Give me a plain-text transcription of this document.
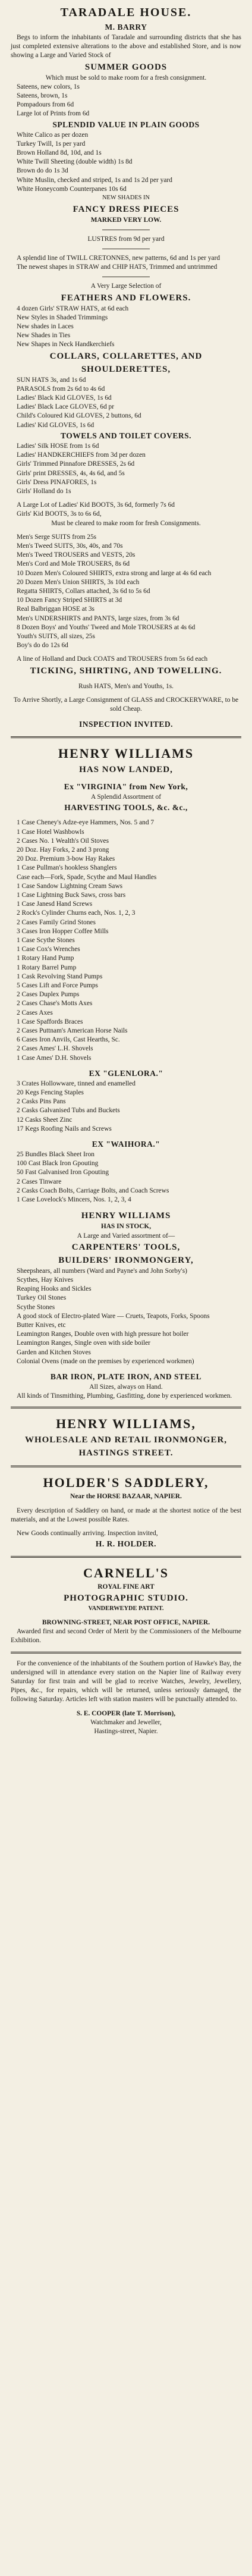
TARADALE HOUSE.
M. BARRY
Begs to inform the inhabitants of Taradale and surrounding districts that she has just completed extensive alterations to the above and established Store, and is now showing a Large and Varied Stock of
SUMMER GOODS
Which must be sold to make room for a fresh consignment.
Sateens, new colors, 1s
Sateens, brown, 1s
Pompadours from 6d
Large lot of Prints from 6d
SPLENDID VALUE IN PLAIN GOODS
White Calico as per dozen
Turkey Twill, 1s per yard
Brown Holland 8d, 10d, and 1s
White Twill Sheeting (double width) 1s 8d
Brown do do 1s 3d
White Muslin, checked and striped, 1s and 1s 2d per yard
White Honeycomb Counterpanes 10s 6d
NEW SHADES IN
FANCY DRESS PIECES
MARKED VERY LOW.
LUSTRES from 9d per yard
A splendid line of TWILL CRETONNES, new patterns, 6d and 1s per yard
The newest shapes in STRAW and CHIP HATS, Trimmed and untrimmed
A Very Large Selection of
FEATHERS AND FLOWERS.
4 dozen Girls' STRAW HATS, at 6d each
New Styles in Shaded Trimmings
New shades in Laces
New Shades in Ties
New Shapes in Neck Handkerchiefs
COLLARS, COLLARETTES, AND SHOULDERETTES,
SUN HATS 3s, and 1s 6d
PARASOLS from 2s 6d to 4s 6d
Ladies' Black Kid GLOVES, 1s 6d
Ladies' Black Lace GLOVES, 6d pr
Child's Coloured Kid GLOVES, 2 buttons, 6d
Ladies' Kid GLOVES, 1s 6d
TOWELS AND TOILET COVERS.
Ladies' Silk HOSE from 1s 6d
Ladies' HANDKERCHIEFS from 3d per dozen
Girls' Trimmed Pinnafore DRESSES, 2s 6d
Girls' print DRESSES, 4s, 4s 6d, and 5s
Girls' Dress PINAFORES, 1s
Girls' Holland do 1s
A Large Lot of Ladies' Kid BOOTS, 3s 6d, formerly 7s 6d
Girls' Kid BOOTS, 3s to 6s 6d,
Must be cleared to make room for fresh Consignments.
Men's Serge SUITS from 25s
Men's Tweed SUITS, 30s, 40s, and 70s
Men's Tweed TROUSERS and VESTS, 20s
Men's Cord and Mole TROUSERS, 8s 6d
10 Dozen Men's Coloured SHIRTS, extra strong and large at 4s 6d each
20 Dozen Men's Union SHIRTS, 3s 10d each
Regatta SHIRTS, Collars attached, 3s 6d to 5s 6d
10 Dozen Fancy Striped SHIRTS at 3d
Real Balbriggan HOSE at 3s
Men's UNDERSHIRTS and PANTS, large sizes, from 3s 6d
8 Dozen Boys' and Youths' Tweed and Mole TROUSERS at 4s 6d
Youth's SUITS, all sizes, 25s
Boy's do do 12s 6d
A line of Holland and Duck COATS and TROUSERS from 5s 6d each
TICKING, SHIRTING, AND TOWELLING.
Rush HATS, Men's and Youths, 1s.
To Arrive Shortly, a Large Consignment of GLASS and CROCKERYWARE, to be sold Cheap.
INSPECTION INVITED.
HENRY WILLIAMS
HAS NOW LANDED,
Ex "VIRGINIA" from New York,
A Splendid Assortment of
HARVESTING TOOLS, &c. &c.,
1 Case Cheney's Adze-eye Hammers, Nos. 5 and 7
1 Case Hotel Washbowls
2 Cases No. 1 Wealth's Oil Stoves
20 Doz. Hay Forks, 2 and 3 prong
20 Doz. Premium 3-bow Hay Rakes
1 Case Pullman's hookless Shanglers
Case each—Fork, Spade, Scythe and Maul Handles
1 Case Sandow Lightning Cream Saws
1 Case Lightning Buck Saws, cross bars
1 Case Janesd Hand Screws
2 Rock's Cylinder Churns each, Nos. 1, 2, 3
2 Cases Family Grind Stones
3 Cases Iron Hopper Coffee Mills
1 Case Scythe Stones
1 Case Cox's Wrenches
1 Rotary Hand Pump
1 Rotary Barrel Pump
1 Cask Revolving Stand Pumps
5 Cases Lift and Force Pumps
2 Cases Duplex Pumps
2 Cases Chase's Motts Axes
2 Cases Axes
1 Case Spaffords Braces
2 Cases Puttnam's American Horse Nails
6 Cases Iron Anvils, Cast Hearths, Sc.
2 Cases Ames' L.H. Shovels
1 Case Ames' D.H. Shovels
EX "GLENLORA."
3 Crates Hollowware, tinned and enamelled
20 Kegs Fencing Staples
2 Casks Pins Pans
2 Casks Galvanised Tubs and Buckets
12 Casks Sheet Zinc
17 Kegs Roofing Nails and Screws
EX "WAIHORA."
25 Bundles Black Sheet Iron
100 Cast Black Iron Gpouting
50 Fast Galvanised Iron Gpouting
2 Cases Tinware
2 Casks Coach Bolts, Carriage Bolts, and Coach Screws
1 Case Lovelock's Mincers, Nos. 1, 2, 3, 4
HENRY WILLIAMS
HAS IN STOCK,
A Large and Varied assortment of—
CARPENTERS' TOOLS,
BUILDERS' IRONMONGERY,
Sheepshears, all numbers (Ward and Payne's and John Sorby's)
Scythes, Hay Knives
Reaping Hooks and Sickles
Turkey Oil Stones
Scythe Stones
A good stock of Electro-plated Ware — Cruets, Teapots, Forks, Spoons
Butter Knives, etc
Leamington Ranges, Double oven with high pressure hot boiler
Leamington Ranges, Single oven with side boiler
Garden and Kitchen Stoves
Colonial Ovens (made on the premises by experienced workmen)
BAR IRON, PLATE IRON, AND STEEL
All Sizes, always on Hand.
All kinds of Tinsmithing, Plumbing, Gasfitting, done by experienced workmen.
HENRY WILLIAMS,
WHOLESALE AND RETAIL IRONMONGER,
HASTINGS STREET.
HOLDER'S SADDLERY,
Near the HORSE BAZAAR, NAPIER.
Every description of Saddlery on hand, or made at the shortest notice of the best materials, and at the Lowest possible Rates.
New Goods continually arriving. Inspection invited,
H. R. HOLDER.
CARNELL'S
ROYAL FINE ART
PHOTOGRAPHIC STUDIO.
VANDERWEYDE PATENT.
BROWNING-STREET, NEAR POST OFFICE, NAPIER.
Awarded first and second Order of Merit by the Commissioners of the Melbourne Exhibition.
For the convenience of the inhabitants of the Southern portion of Hawke's Bay, the undersigned will in attendance every station on the Napier line of Railway every Saturday for first train and will be glad to receive Watches, Jewelry, Jewellery, Pipes, &c., for repairs, which will be returned, unless seriously damaged, the following Saturday. Articles left with station masters will be punctually attended to.
S. E. COOPER (late T. Morrison),
Watchmaker and Jeweller,
Hastings-street, Napier.
